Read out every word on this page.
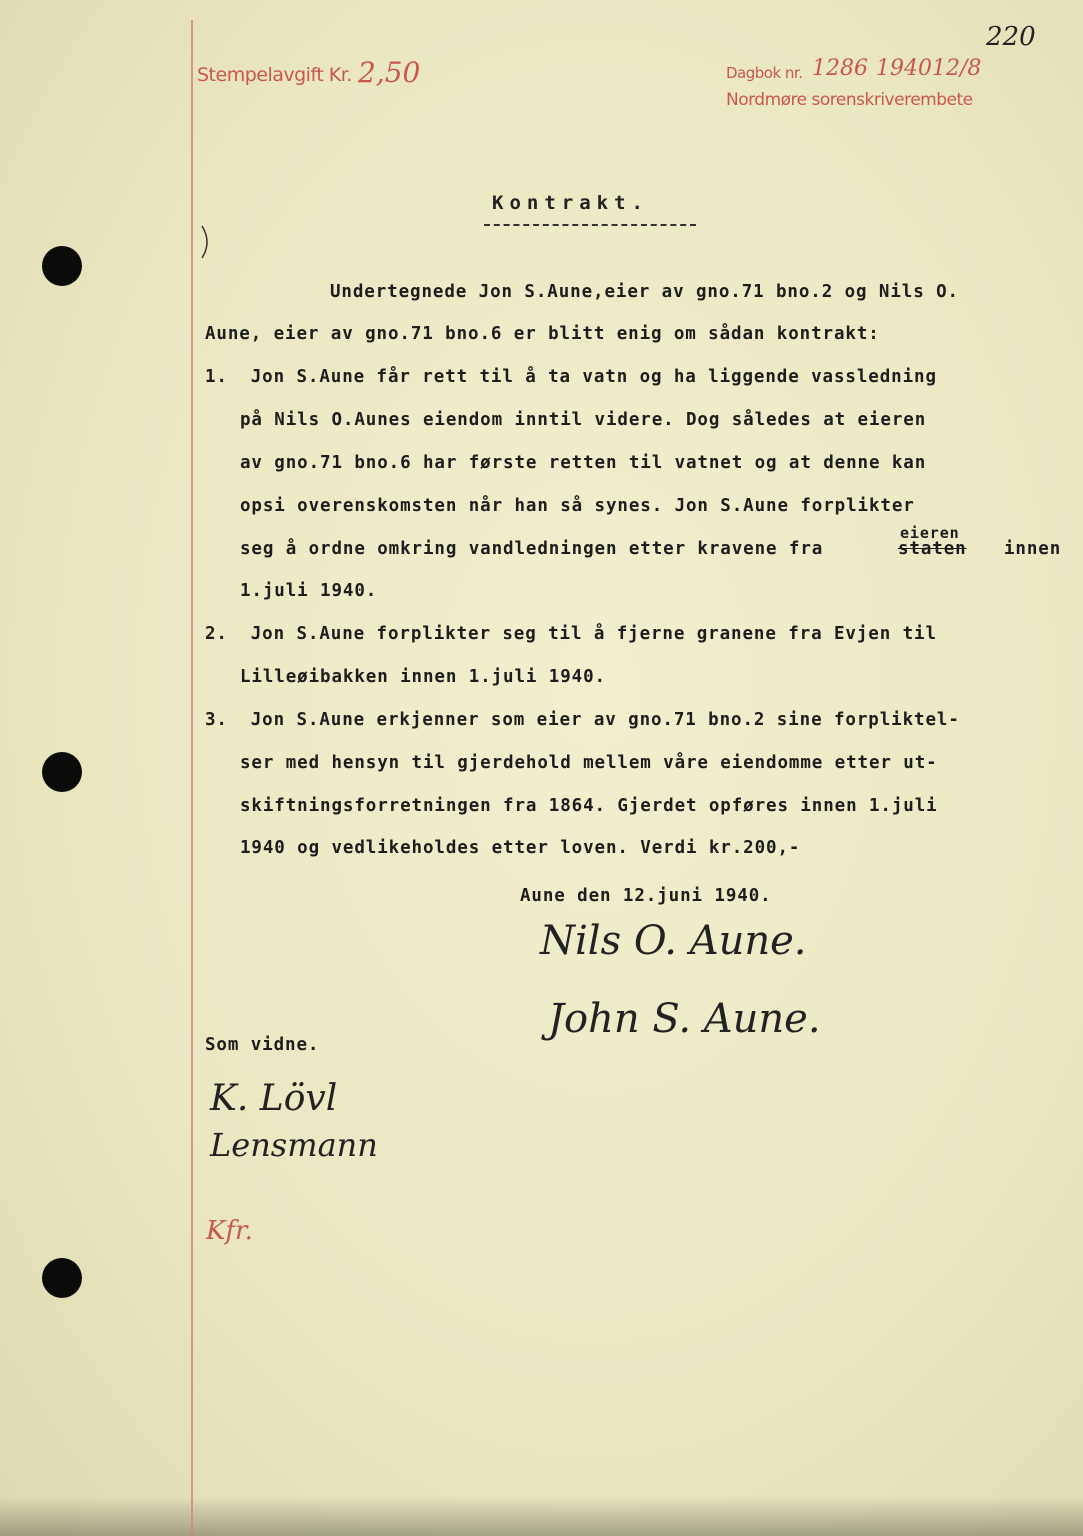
Stempelavgift Kr. 2,50	Dagbok nr. 1286 1940 12/8
Nordmøre sorenskriverembete
220
Kontrakt.
Undertegnede Jon S.Aune,eier av gno.71 bno.2 og Nils O.
Aune, eier av gno.71 bno.6 er blitt enig om sådan kontrakt:
1.  Jon S.Aune får rett til å ta vatn og ha liggende vassledning
på Nils O.Aunes eiendom inntil videre. Dog således at eieren
av gno.71 bno.6 har første retten til vatnet og at denne kan
opsi overenskomsten når han så synes. Jon S.Aune forplikter
seg å ordne omkring vandledningen etter kravene fra	staten
eieren
innen
1.juli 1940.
2.  Jon S.Aune forplikter seg til å fjerne granene fra Evjen til
Lilleøibakken innen 1.juli 1940.
3.  Jon S.Aune erkjenner som eier av gno.71 bno.2 sine forpliktel-
ser med hensyn til gjerdehold mellem våre eiendomme etter ut-
skiftningsforretningen fra 1864. Gjerdet opføres innen 1.juli
1940 og vedlikeholdes etter loven. Verdi kr.200,-
Aune den 12.juni 1940.
Nils O. Aune.
John S. Aune.
Som vidne.
K. Lövl
Lensmann
Kfr.
